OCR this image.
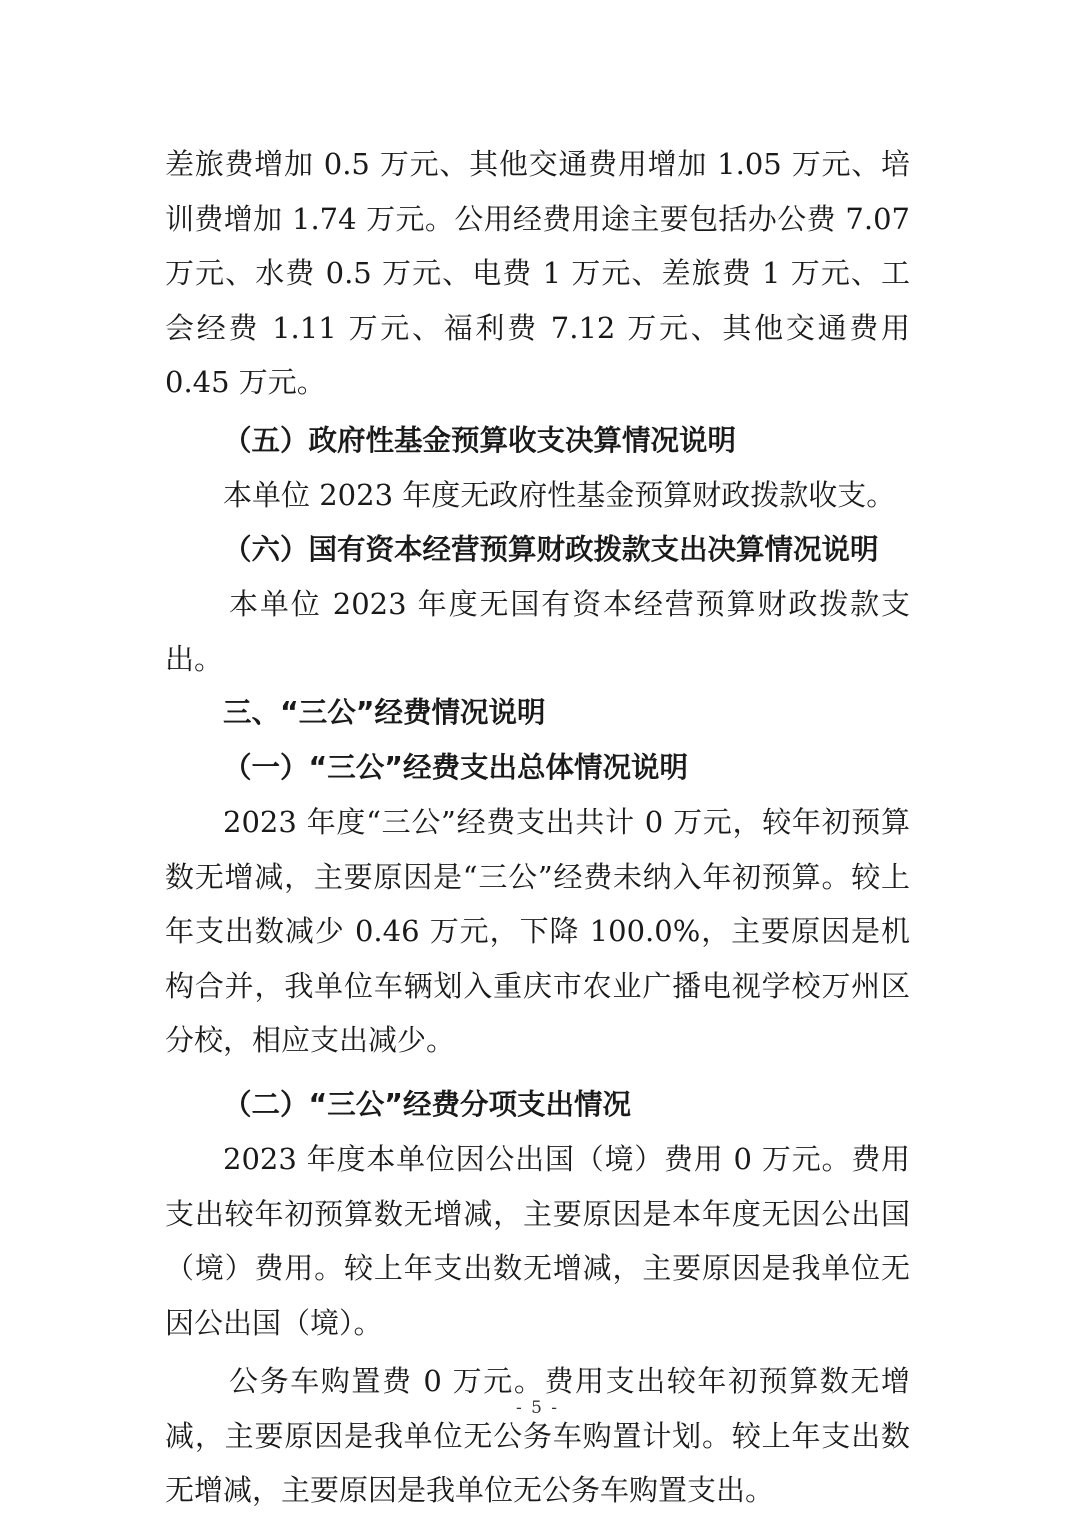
差旅费增加 0.5 万元、其他交通费用增加 1.05 万元、培训费增加 1.74 万元。公用经费用途主要包括办公费 7.07 万元、水费 0.5 万元、电费 1 万元、差旅费 1 万元、工会经费 1.11 万元、福利费 7.12 万元、其他交通费用 0.45 万元。

（五）政府性基金预算收支决算情况说明

本单位 2023 年度无政府性基金预算财政拨款收支。

（六）国有资本经营预算财政拨款支出决算情况说明

本单位 2023 年度无国有资本经营预算财政拨款支出。

三、“三公”经费情况说明

（一）“三公”经费支出总体情况说明

2023 年度“三公”经费支出共计 0 万元，较年初预算数无增减，主要原因是“三公”经费未纳入年初预算。较上年支出数减少 0.46 万元，下降 100.0%，主要原因是机构合并，我单位车辆划入重庆市农业广播电视学校万州区分校，相应支出减少。

（二）“三公”经费分项支出情况

2023 年度本单位因公出国（境）费用 0 万元。费用支出较年初预算数无增减，主要原因是本年度无因公出国（境）费用。较上年支出数无增减，主要原因是我单位无因公出国（境）。

公务车购置费 0 万元。费用支出较年初预算数无增减，主要原因是我单位无公务车购置计划。较上年支出数无增减，主要原因是我单位无公务车购置支出。

- 5 -
